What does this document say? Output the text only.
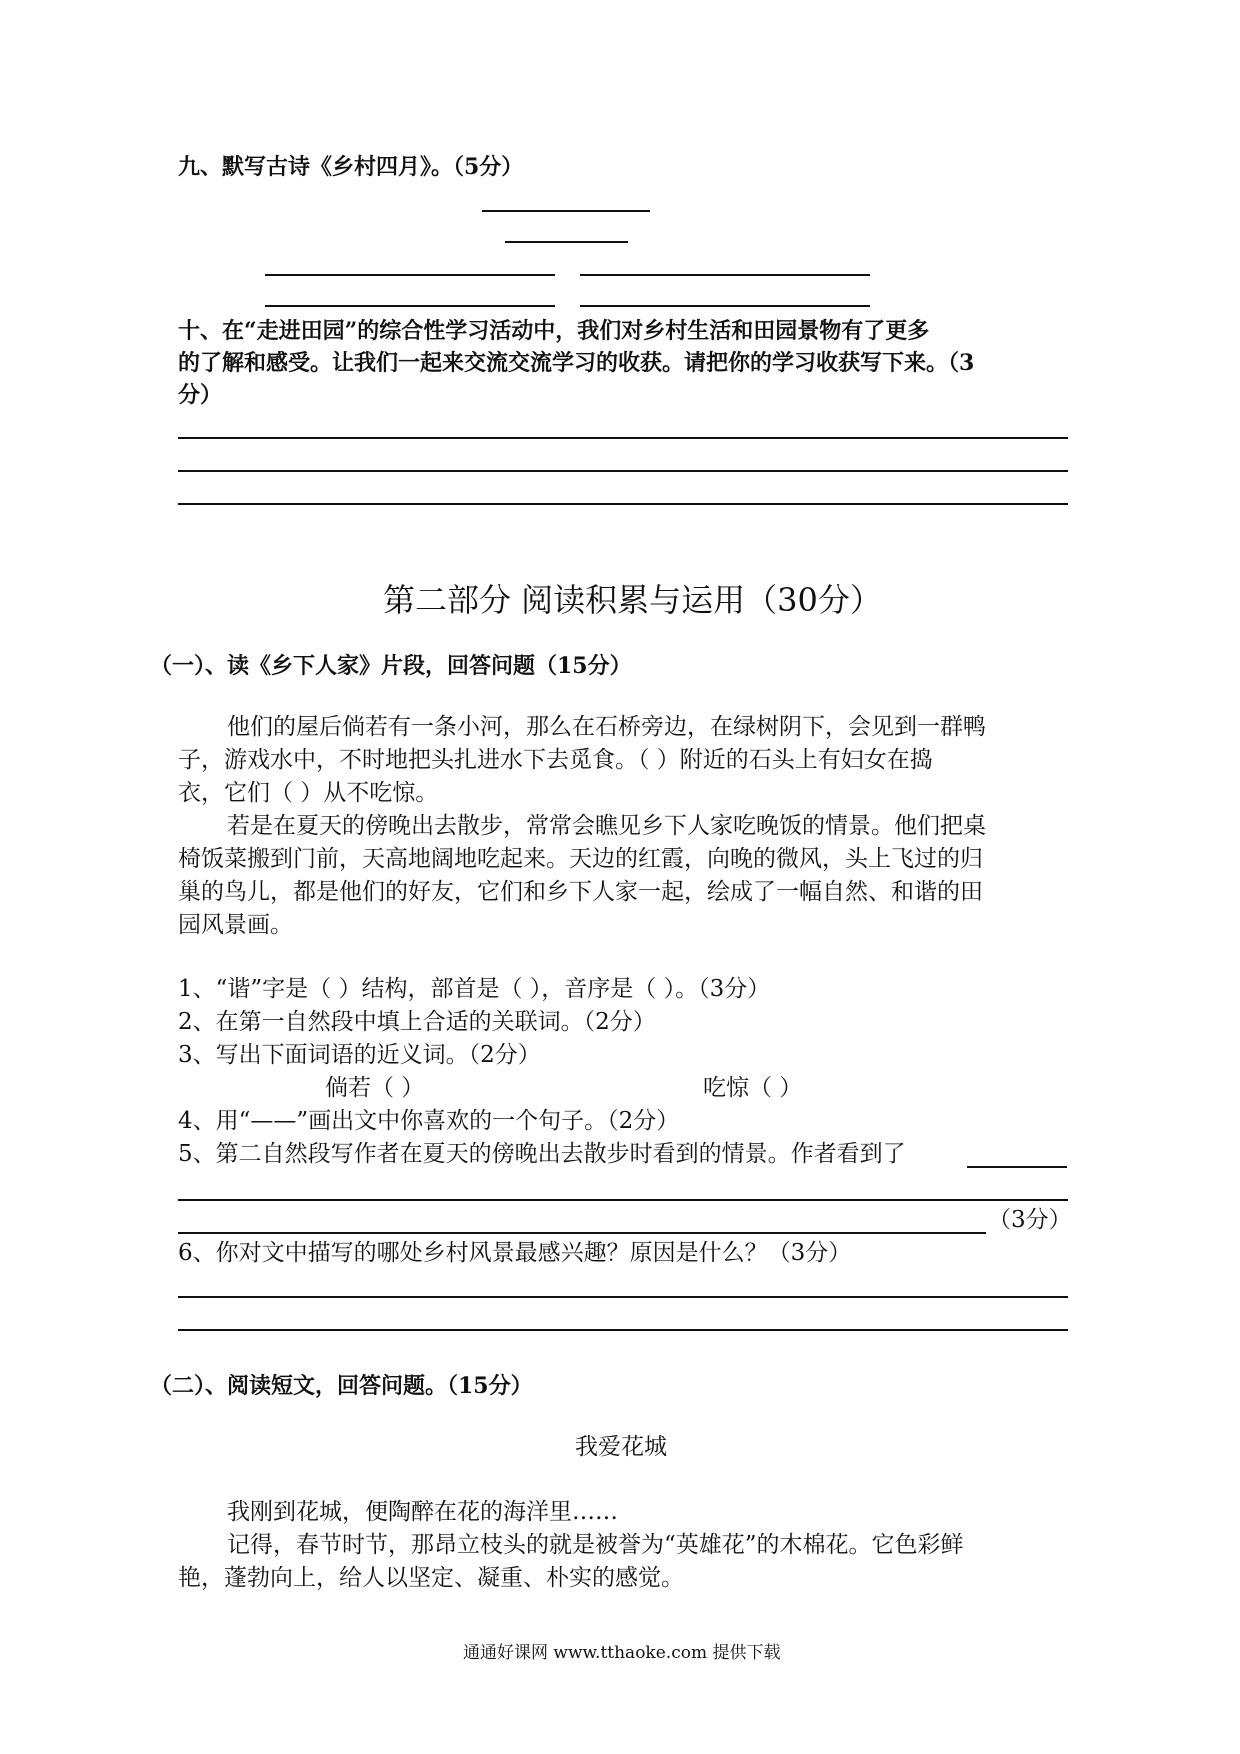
九、默写古诗《乡村四月》。（5分）
十、在“走进田园”的综合性学习活动中，我们对乡村生活和田园景物有了更多
的了解和感受。让我们一起来交流交流学习的收获。请把你的学习收获写下来。（3
分）
第二部分 阅读积累与运用（30分）
（一）、读《乡下人家》片段，回答问题（15分）
他们的屋后倘若有一条小河，那么在石桥旁边，在绿树阴下，会见到一群鸭
子，游戏水中，不时地把头扎进水下去觅食。（ ）附近的石头上有妇女在捣
衣，它们（ ）从不吃惊。
若是在夏天的傍晚出去散步，常常会瞧见乡下人家吃晚饭的情景。他们把桌
椅饭菜搬到门前，天高地阔地吃起来。天边的红霞，向晚的微风，头上飞过的归
巢的鸟儿，都是他们的好友，它们和乡下人家一起，绘成了一幅自然、和谐的田
园风景画。
1、“谐”字是（ ）结构，部首是（ ），音序是（ ）。（3分）
2、在第一自然段中填上合适的关联词。（2分）
3、写出下面词语的近义词。（2分）
倘若（ ）	吃惊（ ）
4、用“——”画出文中你喜欢的一个句子。（2分）
5、第二自然段写作者在夏天的傍晚出去散步时看到的情景。作者看到了
（3分）
6、你对文中描写的哪处乡村风景最感兴趣？原因是什么？（3分）
（二）、阅读短文，回答问题。（15分）
我爱花城
我刚到花城，便陶醉在花的海洋里……
记得，春节时节，那昂立枝头的就是被誉为“英雄花”的木棉花。它色彩鲜
艳，蓬勃向上，给人以坚定、凝重、朴实的感觉。
通通好课网 www.tthaoke.com 提供下载
